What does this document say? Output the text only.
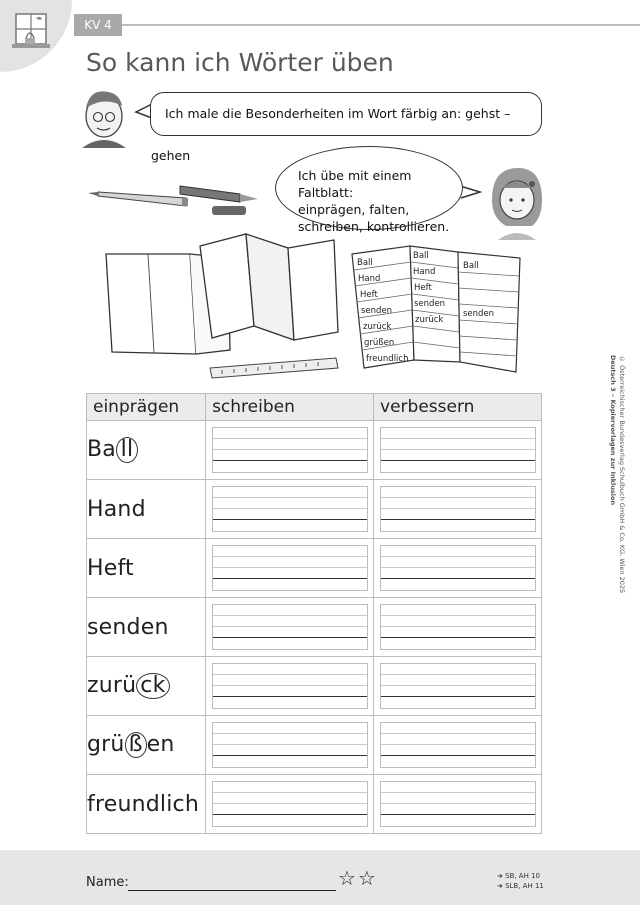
KV 4
So kann ich Wörter üben
Ball
Hand
Heft
senden
zurück
grüßen
freundlich
Ball
Hand
Heft
senden
zurück
Ball
senden
Ich male die Besonderheiten im Wort färbig an: gehst – gehen
Ich übe mit einem Faltblatt:
einprägen, falten,
schreiben, kontrollieren.
© Österreichischer Bundesverlag Schulbuch GmbH & Co. KG, Wien 2025
Deutsch 3 – Kopiervorlagen zur Inklusion
einprägen	schreiben	verbessern
Ba ll	

Hand	

Heft	

senden	

zurü ck	

grü ß en	

freundlich	

Name:	☆☆	➜ SB, AH 10
➜ SLB, AH 11
